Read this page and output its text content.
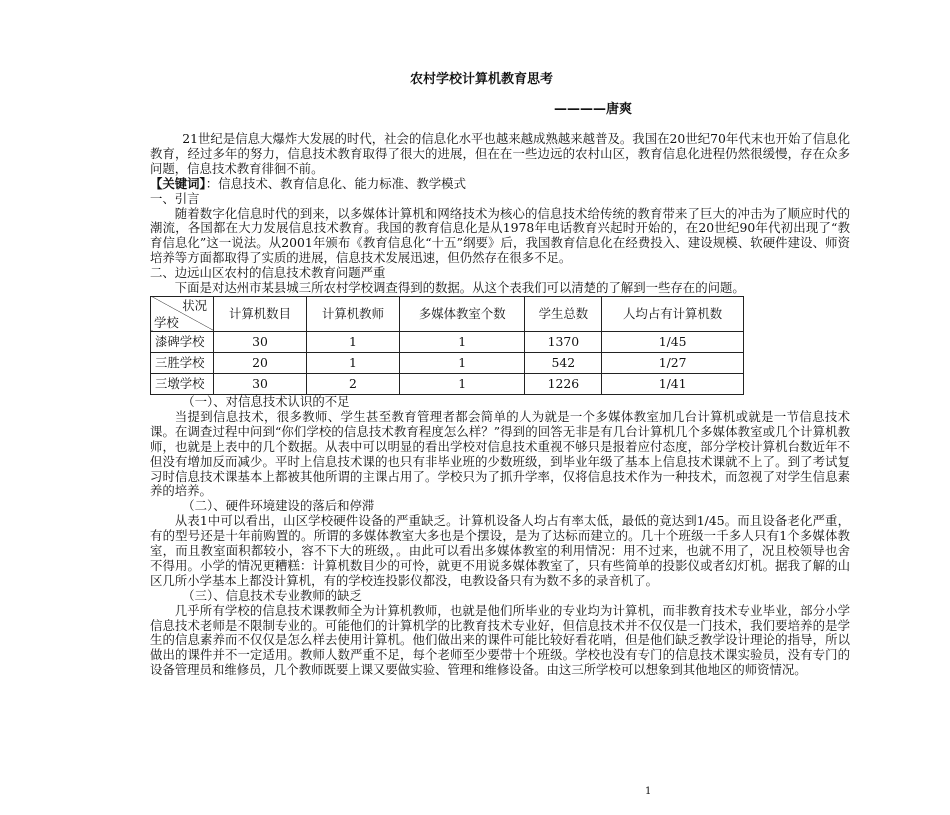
农村学校计算机教育思考
————唐爽

21世纪是信息大爆炸大发展的时代，社会的信息化水平也越来越成熟越来越普及。我国在20世纪70年代末也开始了信息化教育，经过多年的努力，信息技术教育取得了很大的进展，但在在一些边远的农村山区，教育信息化进程仍然很缓慢，存在众多问题，信息技术教育徘徊不前。

【关键词】：信息技术、教育信息化、能力标准、教学模式

一、引言

随着数字化信息时代的到来，以多媒体计算机和网络技术为核心的信息技术给传统的教育带来了巨大的冲击为了顺应时代的潮流，各国都在大力发展信息技术教育。我国的教育信息化是从1978年电话教育兴起时开始的，在20世纪90年代初出现了“教育信息化”这一说法。从2001年颁布《教育信息化“十五”纲要》后，我国教育信息化在经费投入、建设规模、软硬件建设、师资培养等方面都取得了实质的进展，信息技术发展迅速，但仍然存在很多不足。

二、边远山区农村的信息技术教育问题严重

下面是对达州市某县城三所农村学校调查得到的数据。从这个表我们可以清楚的了解到一些存在的问题。

状况
学校	计算机数目	计算机教师	多媒体教室个数	学生总数	人均占有计算机数
漆碑学校	30	1	1	1370	1/45
三胜学校	20	1	1	542	1/27
三墩学校	30	2	1	1226	1/41

（一）、对信息技术认识的不足

当提到信息技术，很多教师、学生甚至教育管理者都会简单的人为就是一个多媒体教室加几台计算机或就是一节信息技术课。在调查过程中问到“你们学校的信息技术教育程度怎么样？”得到的回答无非是有几台计算机几个多媒体教室或几个计算机教师，也就是上表中的几个数据。从表中可以明显的看出学校对信息技术重视不够只是报着应付态度，部分学校计算机台数近年不但没有增加反而减少。平时上信息技术课的也只有非毕业班的少数班级，到毕业年级了基本上信息技术课就不上了。到了考试复习时信息技术课基本上都被其他所谓的主课占用了。学校只为了抓升学率，仅将信息技术作为一种技术，而忽视了对学生信息素养的培养。

（二）、硬件环境建设的落后和停滞

从表1中可以看出，山区学校硬件设备的严重缺乏。计算机设备人均占有率太低，最低的竟达到1/45。而且设备老化严重，有的型号还是十年前购置的。所谓的多媒体教室大多也是个摆设，是为了达标而建立的。几十个班级一千多人只有1个多媒体教室，而且教室面积都较小，容不下大的班级，。由此可以看出多媒体教室的利用情况：用不过来，也就不用了，况且校领导也舍不得用。小学的情况更糟糕：计算机数目少的可怜，就更不用说多媒体教室了，只有些简单的投影仪或者幻灯机。据我了解的山区几所小学基本上都没计算机，有的学校连投影仪都没，电教设备只有为数不多的录音机了。

（三）、信息技术专业教师的缺乏

几乎所有学校的信息技术课教师全为计算机教师，也就是他们所毕业的专业均为计算机，而非教育技术专业毕业，部分小学信息技术老师是不限制专业的。可能他们的计算机学的比教育技术专业好，但信息技术并不仅仅是一门技术，我们要培养的是学生的信息素养而不仅仅是怎么样去使用计算机。他们做出来的课件可能比较好看花哨，但是他们缺乏教学设计理论的指导，所以做出的课件并不一定适用。教师人数严重不足，每个老师至少要带十个班级。学校也没有专门的信息技术课实验员，没有专门的设备管理员和维修员，几个教师既要上课又要做实验、管理和维修设备。由这三所学校可以想象到其他地区的师资情况。

1
